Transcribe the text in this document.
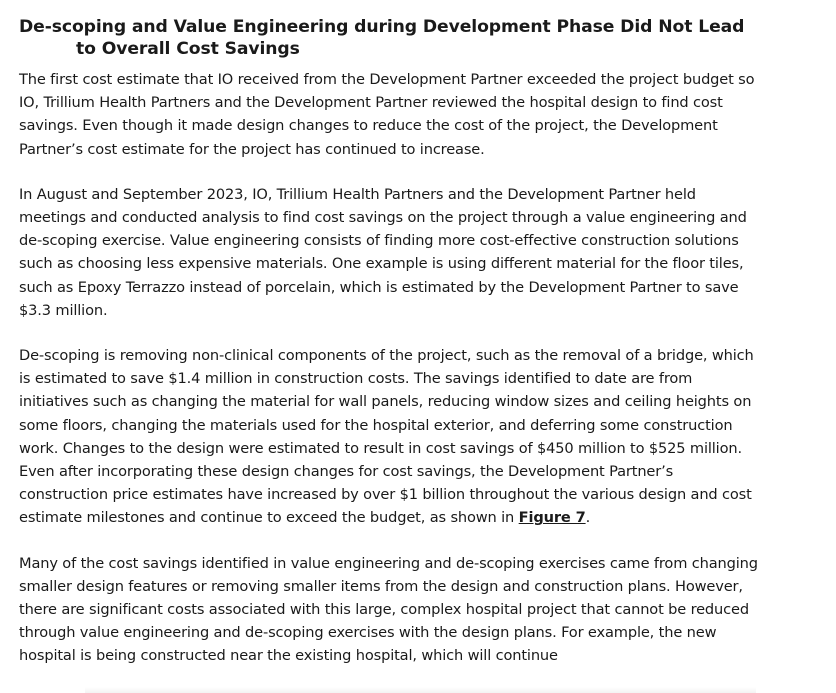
De-scoping and Value Engineering during Development Phase Did Not Lead to Overall Cost Savings

The first cost estimate that IO received from the Development Partner exceeded the project budget so IO, Trillium Health Partners and the Development Partner reviewed the hospital design to find cost savings. Even though it made design changes to reduce the cost of the project, the Development Partner’s cost estimate for the project has continued to increase.

In August and September 2023, IO, Trillium Health Partners and the Development Partner held meetings and conducted analysis to find cost savings on the project through a value engineering and de-scoping exercise. Value engineering consists of finding more cost-effective construction solutions such as choosing less expensive materials. One example is using different material for the floor tiles, such as Epoxy Terrazzo instead of porcelain, which is estimated by the Development Partner to save $3.3 million.

De-scoping is removing non-clinical components of the project, such as the removal of a bridge, which is estimated to save $1.4 million in construction costs. The savings identified to date are from initiatives such as changing the material for wall panels, reducing window sizes and ceiling heights on some floors, changing the materials used for the hospital exterior, and deferring some construction work. Changes to the design were estimated to result in cost savings of $450 million to $525 million. Even after incorporating these design changes for cost savings, the Development Partner’s construction price estimates have increased by over $1 billion throughout the various design and cost estimate milestones and continue to exceed the budget, as shown in Figure 7.

Many of the cost savings identified in value engineering and de-scoping exercises came from changing smaller design features or removing smaller items from the design and construction plans. However, there are significant costs associated with this large, complex hospital project that cannot be reduced through value engineering and de-scoping exercises with the design plans. For example, the new hospital is being constructed near the existing hospital, which will continue
